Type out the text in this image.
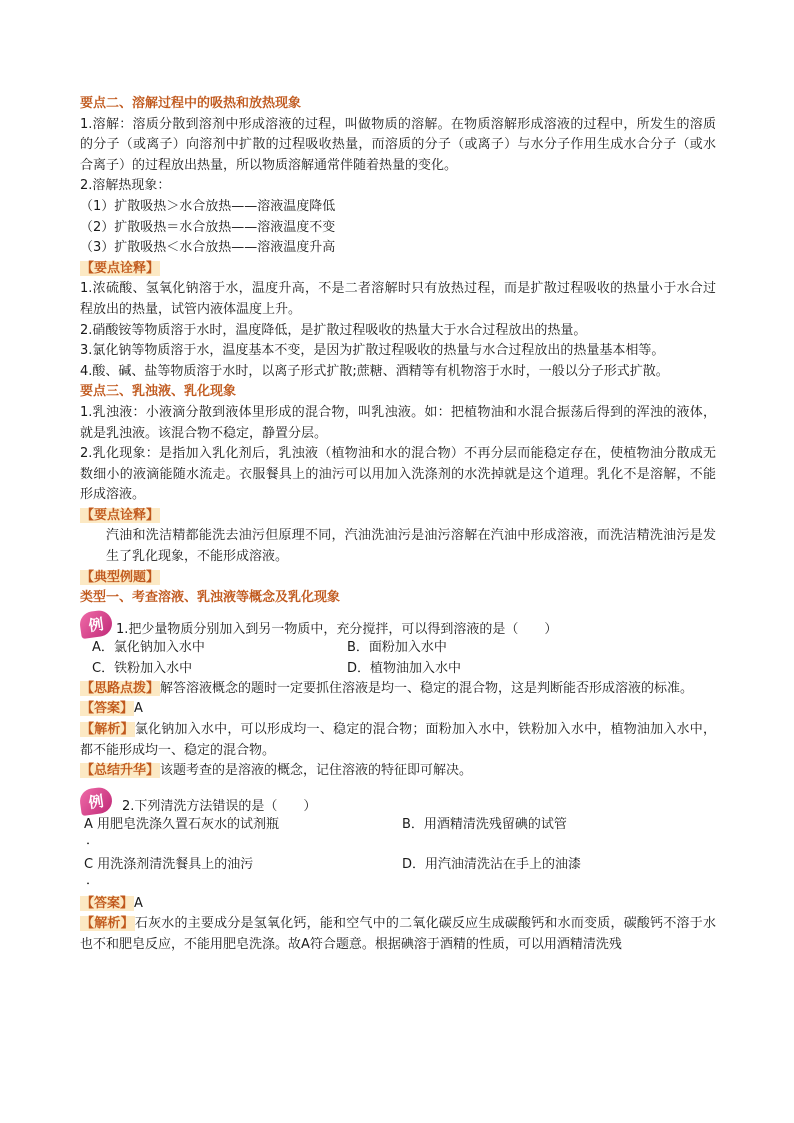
要点二、溶解过程中的吸热和放热现象
1.溶解：溶质分散到溶剂中形成溶液的过程，叫做物质的溶解。在物质溶解形成溶液的过程中，所发生的溶质的分子（或离子）向溶剂中扩散的过程吸收热量，而溶质的分子（或离子）与水分子作用生成水合分子（或水合离子）的过程放出热量，所以物质溶解通常伴随着热量的变化。
2.溶解热现象：
（1）扩散吸热＞水合放热——溶液温度降低
（2）扩散吸热＝水合放热——溶液温度不变
（3）扩散吸热＜水合放热——溶液温度升高
【要点诠释】
1.浓硫酸、氢氧化钠溶于水，温度升高，不是二者溶解时只有放热过程，而是扩散过程吸收的热量小于水合过程放出的热量，试管内液体温度上升。
2.硝酸铵等物质溶于水时，温度降低，是扩散过程吸收的热量大于水合过程放出的热量。
3.氯化钠等物质溶于水，温度基本不变，是因为扩散过程吸收的热量与水合过程放出的热量基本相等。
4.酸、碱、盐等物质溶于水时，以离子形式扩散;蔗糖、酒精等有机物溶于水时，一般以分子形式扩散。
要点三、乳浊液、乳化现象
1.乳浊液：小液滴分散到液体里形成的混合物，叫乳浊液。如：把植物油和水混合振荡后得到的浑浊的液体，就是乳浊液。该混合物不稳定，静置分层。
2.乳化现象：是指加入乳化剂后，乳浊液（植物油和水的混合物）不再分层而能稳定存在，使植物油分散成无数细小的液滴能随水流走。衣服餐具上的油污可以用加入洗涤剂的水洗掉就是这个道理。乳化不是溶解，不能形成溶液。
【要点诠释】
汽油和洗洁精都能洗去油污但原理不同，汽油洗油污是油污溶解在汽油中形成溶液，而洗洁精洗油污是发生了乳化现象，不能形成溶液。
【典型例题】
类型一、考查溶液、乳浊液等概念及乳化现象
例 1.把少量物质分别加入到另一物质中，充分搅拌，可以得到溶液的是（　　）
A．氯化钠加入水中	B．面粉加入水中
C．铁粉加入水中	D．植物油加入水中
【思路点拨】解答溶液概念的题时一定要抓住溶液是均一、稳定的混合物，这是判断能否形成溶液的标准。
【答案】A
【解析】氯化钠加入水中，可以形成均一、稳定的混合物；面粉加入水中，铁粉加入水中，植物油加入水中，都不能形成均一、稳定的混合物。
【总结升华】该题考查的是溶液的概念，记住溶液的特征即可解决。
例	2.下列清洗方法错误的是（　　）
A 用肥皂洗涤久置石灰水的试剂瓶	B．用酒精清洗残留碘的试管
．
C 用洗涤剂清洗餐具上的油污	D．用汽油清洗沾在手上的油漆
．
【答案】A
【解析】石灰水的主要成分是氢氧化钙，能和空气中的二氧化碳反应生成碳酸钙和水而变质，碳酸钙不溶于水也不和肥皂反应，不能用肥皂洗涤。故A符合题意。根据碘溶于酒精的性质，可以用酒精清洗残
